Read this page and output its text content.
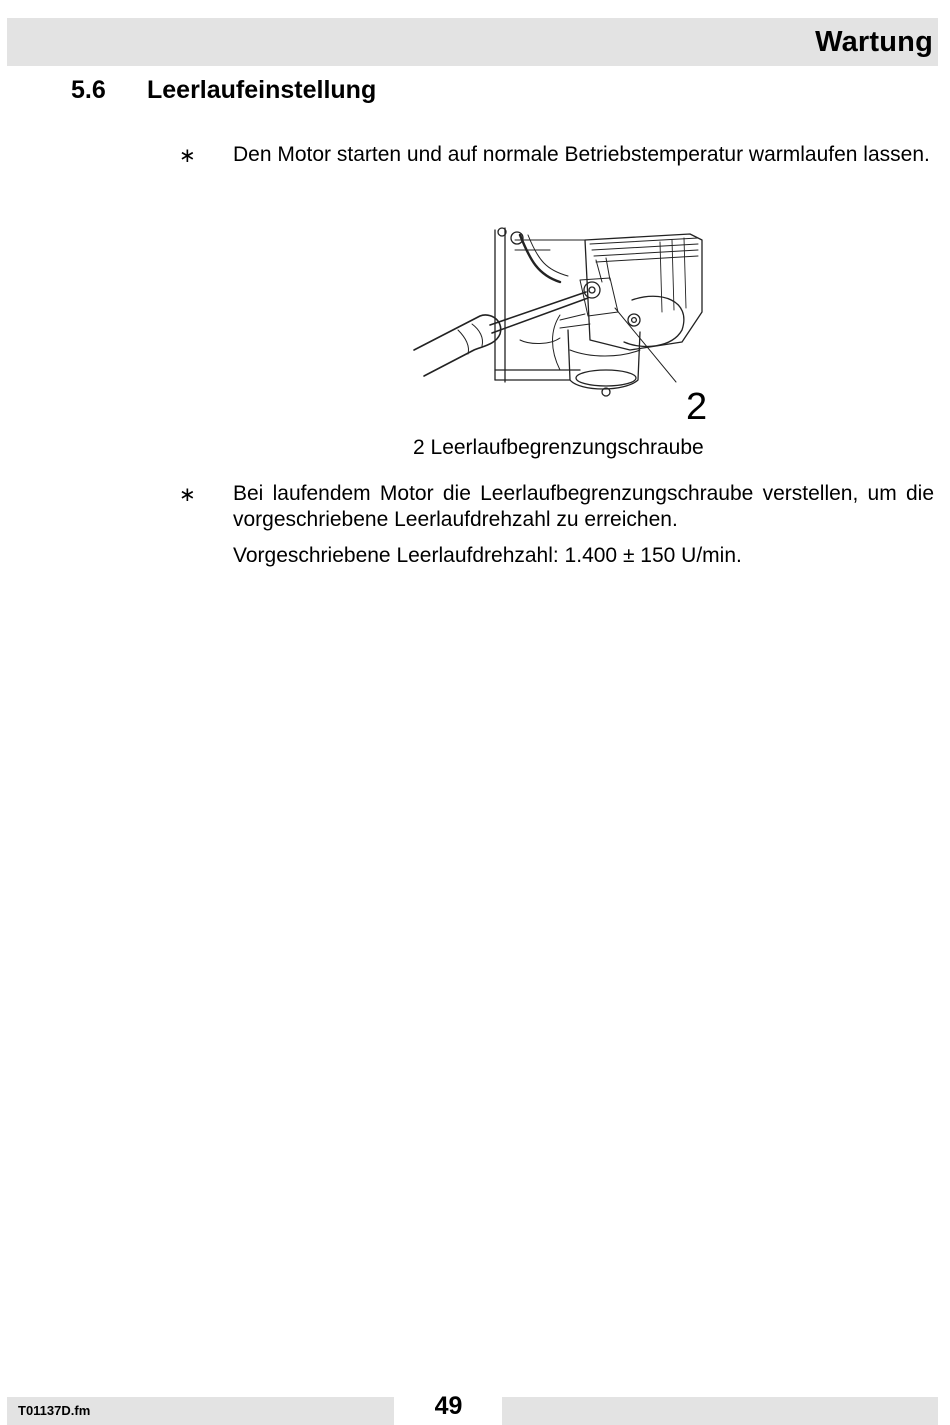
Wartung
5.6 Leerlaufeinstellung
∗ Den Motor starten und auf normale Betriebstemperatur warmlaufen lassen.
2
2 Leerlaufbegrenzungschraube
∗ Bei laufendem Motor die Leerlaufbegrenzungschraube verstellen, um die vorgeschriebene Leerlaufdrehzahl zu erreichen.
Vorgeschriebene Leerlaufdrehzahl: 1.400 ± 150 U/min.
T01137D.fm	49
